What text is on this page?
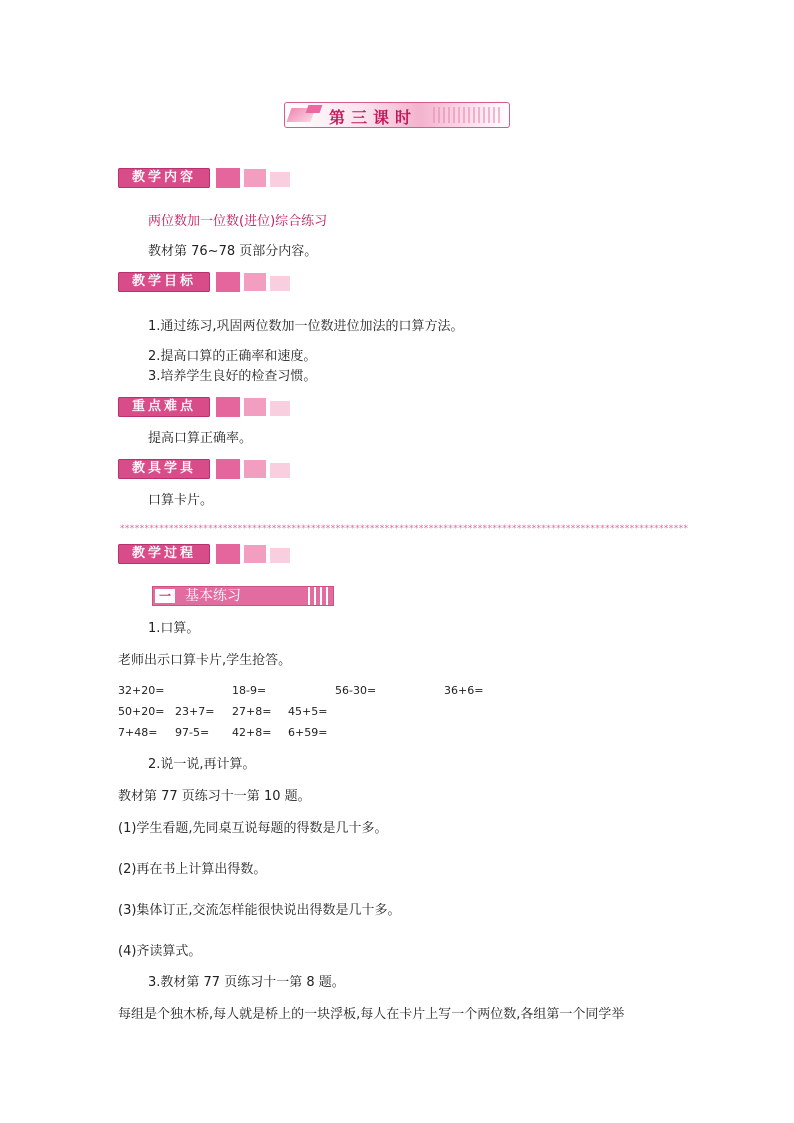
第三课时
教学内容
两位数加一位数(进位)综合练习
教材第 76~78 页部分内容。
教学目标
1.通过练习,巩固两位数加一位数进位加法的口算方法。
2.提高口算的正确率和速度。
3.培养学生良好的检查习惯。
重点难点
提高口算正确率。
教具学具
口算卡片。
********************************************************************************************************************
教学过程
一 基本练习
1.口算。
老师出示口算卡片,学生抢答。
32+20=	18-9=	56-30=	36+6=
50+20= 23+7= 27+8= 45+5=
7+48= 97-5= 42+8= 6+59=
2.说一说,再计算。
教材第 77 页练习十一第 10 题。
(1)学生看题,先同桌互说每题的得数是几十多。
(2)再在书上计算出得数。
(3)集体订正,交流怎样能很快说出得数是几十多。
(4)齐读算式。
3.教材第 77 页练习十一第 8 题。
每组是个独木桥,每人就是桥上的一块浮板,每人在卡片上写一个两位数,各组第一个同学举
